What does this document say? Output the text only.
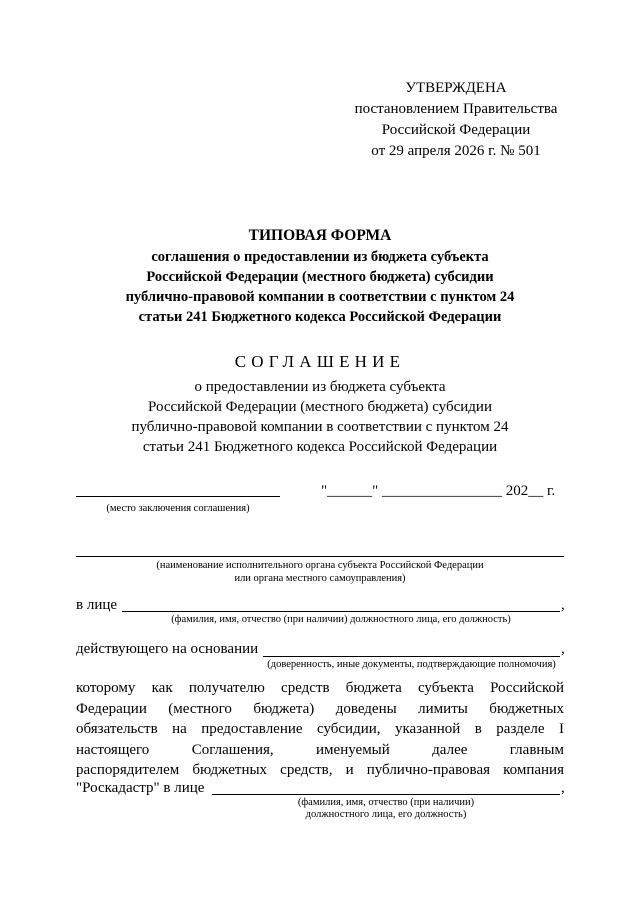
УТВЕРЖДЕНА
постановлением Правительства
Российской Федерации
от 29 апреля 2026 г. № 501
ТИПОВАЯ ФОРМА
соглашения о предоставлении из бюджета субъекта
Российской Федерации (местного бюджета) субсидии
публично-правовой компании в соответствии с пунктом 24
статьи 241 Бюджетного кодекса Российской Федерации
СОГЛАШЕНИЕ
о предоставлении из бюджета субъекта
Российской Федерации (местного бюджета) субсидии
публично-правовой компании в соответствии с пунктом 24
статьи 241 Бюджетного кодекса Российской Федерации
(место заключения соглашения)
"______" ________________ 202__ г.
(наименование исполнительного органа субъекта Российской Федерации
или органа местного самоуправления)
в лице	,
(фамилия, имя, отчество (при наличии) должностного лица, его должность)
действующего на основании	,
(доверенность, иные документы, подтверждающие полномочия)
которому как получателю средств бюджета субъекта Российской
Федерации (местного бюджета) доведены лимиты бюджетных
обязательств на предоставление субсидии, указанной в разделе I
настоящего Соглашения, именуемый далее главным
распорядителем бюджетных средств, и публично-правовая компания
"Роскадастр" в лице	,
(фамилия, имя, отчество (при наличии)
должностного лица, его должность)
